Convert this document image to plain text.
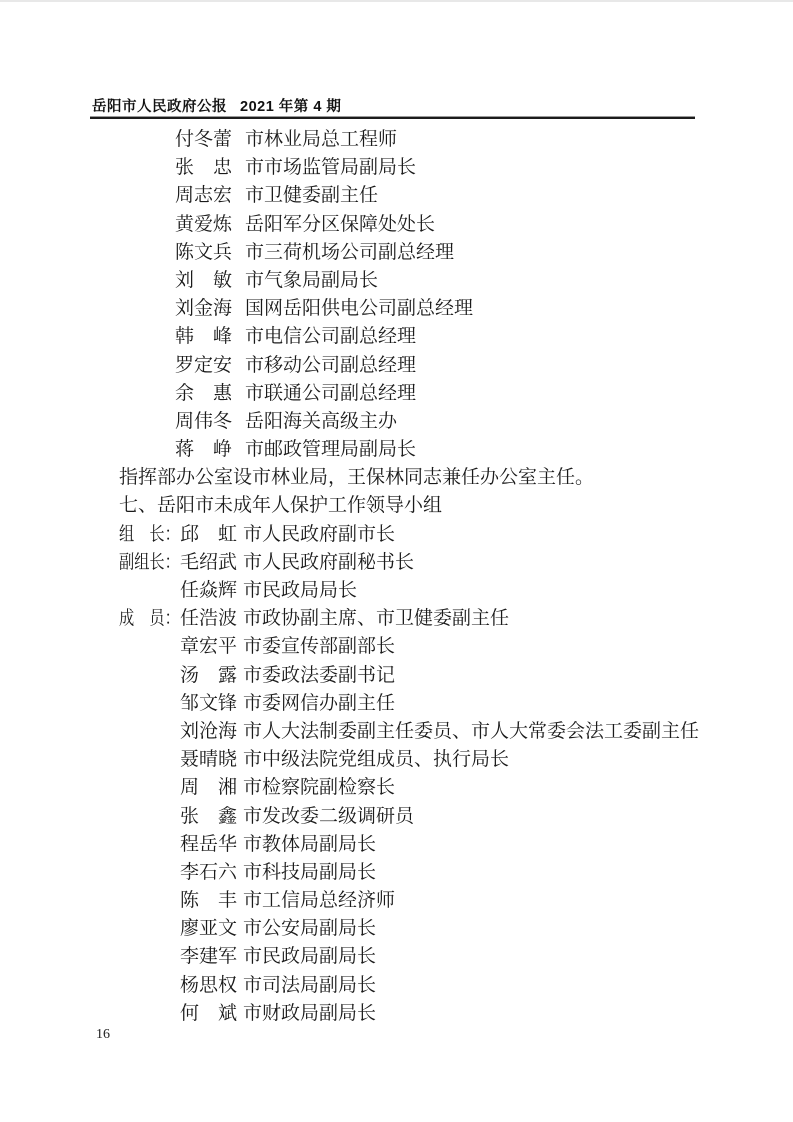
岳阳市人民政府公报 2021 年第 4 期
付冬蕾 市林业局总工程师
张　忠 市市场监管局副局长
周志宏 市卫健委副主任
黄爱炼 岳阳军分区保障处处长
陈文兵 市三荷机场公司副总经理
刘　敏 市气象局副局长
刘金海 国网岳阳供电公司副总经理
韩　峰 市电信公司副总经理
罗定安 市移动公司副总经理
余　惠 市联通公司副总经理
周伟冬 岳阳海关高级主办
蒋　峥 市邮政管理局副局长
指挥部办公室设市林业局，王保林同志兼任办公室主任。
七、岳阳市未成年人保护工作领导小组
组　长： 邱　虹 市人民政府副市长
副组长： 毛绍武 市人民政府副秘书长
任焱辉 市民政局局长
成　员： 任浩波 市政协副主席、市卫健委副主任
章宏平 市委宣传部副部长
汤　露 市委政法委副书记
邹文锋 市委网信办副主任
刘沧海 市人大法制委副主任委员、市人大常委会法工委副主任
聂晴晓 市中级法院党组成员、执行局长
周　湘 市检察院副检察长
张　鑫 市发改委二级调研员
程岳华 市教体局副局长
李石六 市科技局副局长
陈　丰 市工信局总经济师
廖亚文 市公安局副局长
李建军 市民政局副局长
杨思权 市司法局副局长
何　斌 市财政局副局长
16
